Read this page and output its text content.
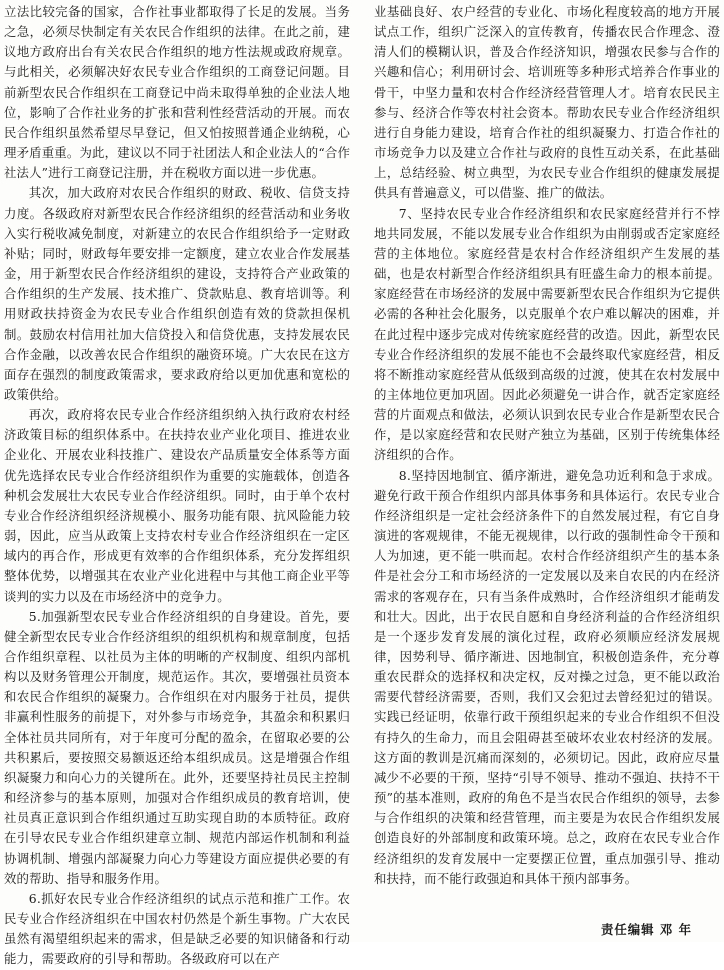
立法比较完备的国家，合作社事业都取得了长足的发展。当务之急，必须尽快制定有关农民合作组织的法律。在此之前，建议地方政府出台有关农民合作组织的地方性法规或政府规章。与此相关，必须解决好农民专业合作组织的工商登记问题。目前新型农民合作组织在工商登记中尚未取得单独的企业法人地位，影响了合作社业务的扩张和营利性经营活动的开展。而农民合作组织虽然希望尽早登记，但又怕按照普通企业纳税，心理矛盾重重。为此，建议以不同于社团法人和企业法人的“合作社法人”进行工商登记注册，并在税收方面以进一步优惠。

其次，加大政府对农民合作组织的财政、税收、信贷支持力度。各级政府对新型农民合作经济组织的经营活动和业务收入实行税收减免制度，对新建立的农民合作组织给予一定财政补贴；同时，财政每年要安排一定额度，建立农业合作发展基金，用于新型农民合作经济组织的建设，支持符合产业政策的合作组织的生产发展、技术推广、贷款贴息、教育培训等。利用财政扶持资金为农民专业合作组织创造有效的贷款担保机制。鼓励农村信用社加大信贷投入和信贷优惠，支持发展农民合作金融，以改善农民合作组织的融资环境。广大农民在这方面存在强烈的制度政策需求，要求政府给以更加优惠和宽松的政策供给。

再次，政府将农民专业合作经济组织纳入执行政府农村经济政策目标的组织体系中。在扶持农业产业化项目、推进农业企业化、开展农业科技推广、建设农产品质量安全体系等方面优先选择农民专业合作经济组织作为重要的实施载体，创造各种机会发展壮大农民专业合作经济组织。同时，由于单个农村专业合作经济组织经济规模小、服务功能有限、抗风险能力较弱，因此，应当从政策上支持农村专业合作经济组织在一定区域内的再合作，形成更有效率的合作组织体系，充分发挥组织整体优势，以增强其在农业产业化进程中与其他工商企业平等谈判的实力以及在市场经济中的竞争力。

5.加强新型农民专业合作经济组织的自身建设。首先，要健全新型农民专业合作经济组织的组织机构和规章制度，包括合作组织章程、以社员为主体的明晰的产权制度、组织内部机构以及财务管理公开制度，规范运作。其次，要增强社员资本和农民合作组织的凝聚力。合作组织在对内服务于社员，提供非赢利性服务的前提下，对外参与市场竞争，其盈余和积累归全体社员共同所有，对于年度可分配的盈余，在留取必要的公共积累后，要按照交易额返还给本组织成员。这是增强合作组织凝聚力和向心力的关键所在。此外，还要坚持社员民主控制和经济参与的基本原则，加强对合作组织成员的教育培训，使社员真正意识到合作组织通过互助实现自助的本质特征。政府在引导农民专业合作组织建章立制、规范内部运作机制和利益协调机制、增强内部凝聚力向心力等建设方面应提供必要的有效的帮助、指导和服务作用。

6.抓好农民专业合作经济组织的试点示范和推广工作。农民专业合作经济组织在中国农村仍然是个新生事物。广大农民虽然有渴望组织起来的需求，但是缺乏必要的知识储备和行动能力，需要政府的引导和帮助。各级政府可以在产

业基础良好、农户经营的专业化、市场化程度较高的地方开展试点工作，组织广泛深入的宣传教育，传播农民合作理念、澄清人们的模糊认识，普及合作经济知识，增强农民参与合作的兴趣和信心；利用研讨会、培训班等多种形式培养合作事业的骨干，中坚力量和农村合作经济经营管理人才。培育农民民主参与、经济合作等农村社会资本。帮助农民专业合作经济组织进行自身能力建设，培育合作社的组织凝聚力、打造合作社的市场竞争力以及建立合作社与政府的良性互动关系，在此基础上，总结经验、树立典型，为农民专业合作组织的健康发展提供具有普遍意义，可以借鉴、推广的做法。

7、坚持农民专业合作经济组织和农民家庭经营并行不悖地共同发展，不能以发展专业合作组织为由削弱或否定家庭经营的主体地位。家庭经营是农村合作经济组织产生发展的基础，也是农村新型合作经济组织具有旺盛生命力的根本前提。家庭经营在市场经济的发展中需要新型农民合作组织为它提供必需的各种社会化服务，以克服单个农户难以解决的困难，并在此过程中逐步完成对传统家庭经营的改造。因此，新型农民专业合作经济组织的发展不能也不会最终取代家庭经营，相反将不断推动家庭经营从低级到高级的过渡，使其在农村发展中的主体地位更加巩固。因此必须避免一讲合作，就否定家庭经营的片面观点和做法，必须认识到农民专业合作是新型农民合作，是以家庭经营和农民财产独立为基础，区别于传统集体经济组织的合作。

8.坚持因地制宜、循序渐进，避免急功近利和急于求成。避免行政干预合作组织内部具体事务和具体运行。农民专业合作经济组织是一定社会经济条件下的自然发展过程，有它自身演进的客观规律，不能无视规律，以行政的强制性命令干预和人为加速，更不能一哄而起。农村合作经济组织产生的基本条件是社会分工和市场经济的一定发展以及来自农民的内在经济需求的客观存在，只有当条件成熟时，合作经济组织才能萌发和壮大。因此，出于农民自愿和自身经济利益的合作经济组织是一个逐步发育发展的演化过程，政府必须顺应经济发展规律，因势利导、循序渐进、因地制宜，积极创造条件，充分尊重农民群众的选择权和决定权，反对操之过急，更不能以政治需要代替经济需要，否则，我们又会犯过去曾经犯过的错误。实践已经证明，依靠行政干预组织起来的专业合作组织不但没有持久的生命力，而且会阻碍甚至破坏农业农村经济的发展。这方面的教训是沉痛而深刻的，必须切记。因此，政府应尽量减少不必要的干预，坚持“引导不领导、推动不强迫、扶持不干预”的基本准则，政府的角色不是当农民合作组织的领导，去参与合作组织的决策和经营管理，而主要是为农民合作组织发展创造良好的外部制度和政策环境。总之，政府在农民专业合作经济组织的发育发展中一定要摆正位置，重点加强引导、推动和扶持，而不能行政强迫和具体干预内部事务。

责任编辑 邓 年
